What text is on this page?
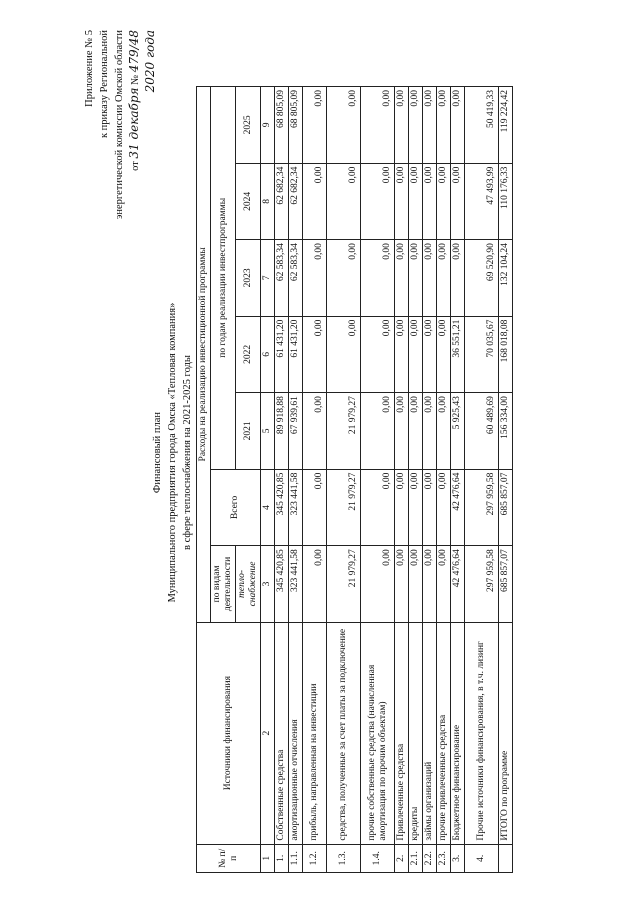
Приложение № 5 к приказу Региональной энергетической комиссии Омской области от 31 декабря № 479/48 2020 года
Финансовый план Муниципального предприятия города Омска «Тепловая компания» в сфере теплоснабжения на 2021-2025 годы
№ п/п	Источники финансирования	Расходы на реализацию инвестиционной программы						
		по видам деятельности	Всего	по годам реализации инвестпрограммы				
		тепло-снабжение		2021	2022	2023	2024	2025
1	2	3	4	5	6	7	8	9
1.	Собственные средства	345 420,85	345 420,85	89 918,88	61 431,20	62 583,34	62 682,34	68 805,09
1.1.	амортизационные отчисления	323 441,58	323 441,58	67 939,61	61 431,20	62 583,34	62 682,34	68 805,09
1.2.	прибыль, направленная на инвестиции	0,00	0,00	0,00	0,00	0,00	0,00	0,00
1.3.	средства, полученные за счет платы за подключение	21 979,27	21 979,27	21 979,27	0,00	0,00	0,00	0,00
1.4.	прочие собственные средства (начисленная амортизация по прочим объектам)	0,00	0,00	0,00	0,00	0,00	0,00	0,00
2.	Привлеченные средства	0,00	0,00	0,00	0,00	0,00	0,00	0,00
2.1.	кредиты	0,00	0,00	0,00	0,00	0,00	0,00	0,00
2.2.	займы организаций	0,00	0,00	0,00	0,00	0,00	0,00	0,00
2.3.	прочие привлеченные средства	0,00	0,00	0,00	0,00	0,00	0,00	0,00
3.	Бюджетное финансирование	42 476,64	42 476,64	5 925,43	36 551,21	0,00	0,00	0,00
4.	Прочие источники финансирования, в т.ч. лизинг	297 959,58	297 959,58	60 489,69	70 035,67	69 520,90	47 493,99	50 419,33
	ИТОГО по программе	685 857,07	685 857,07	156 334,00	168 018,08	132 104,24	110 176,33	119 224,42
